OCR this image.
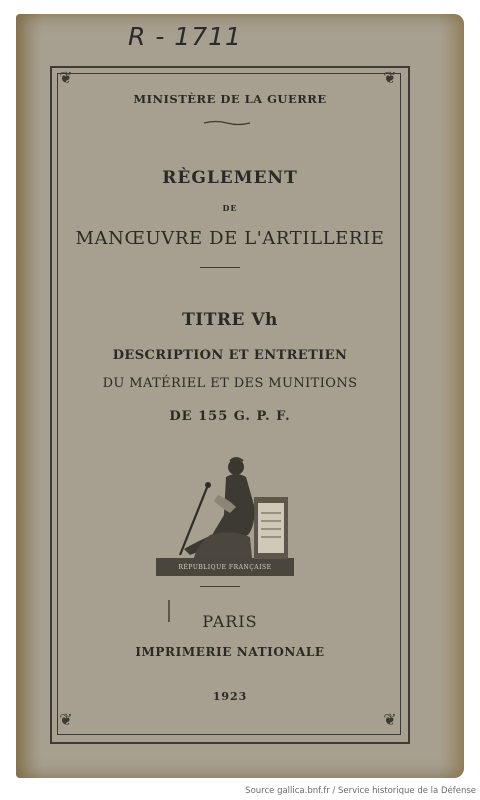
R - 1711
❦	❦
❦	❦
MINISTÈRE DE LA GUERRE
RÈGLEMENT
DE
MANŒUVRE DE L'ARTILLERIE
TITRE Vh
DESCRIPTION ET ENTRETIEN
DU MATÉRIEL ET DES MUNITIONS
DE 155 G. P. F.
RÉPUBLIQUE FRANÇAISE
PARIS
IMPRIMERIE NATIONALE
1923
Source gallica.bnf.fr / Service historique de la Défense
